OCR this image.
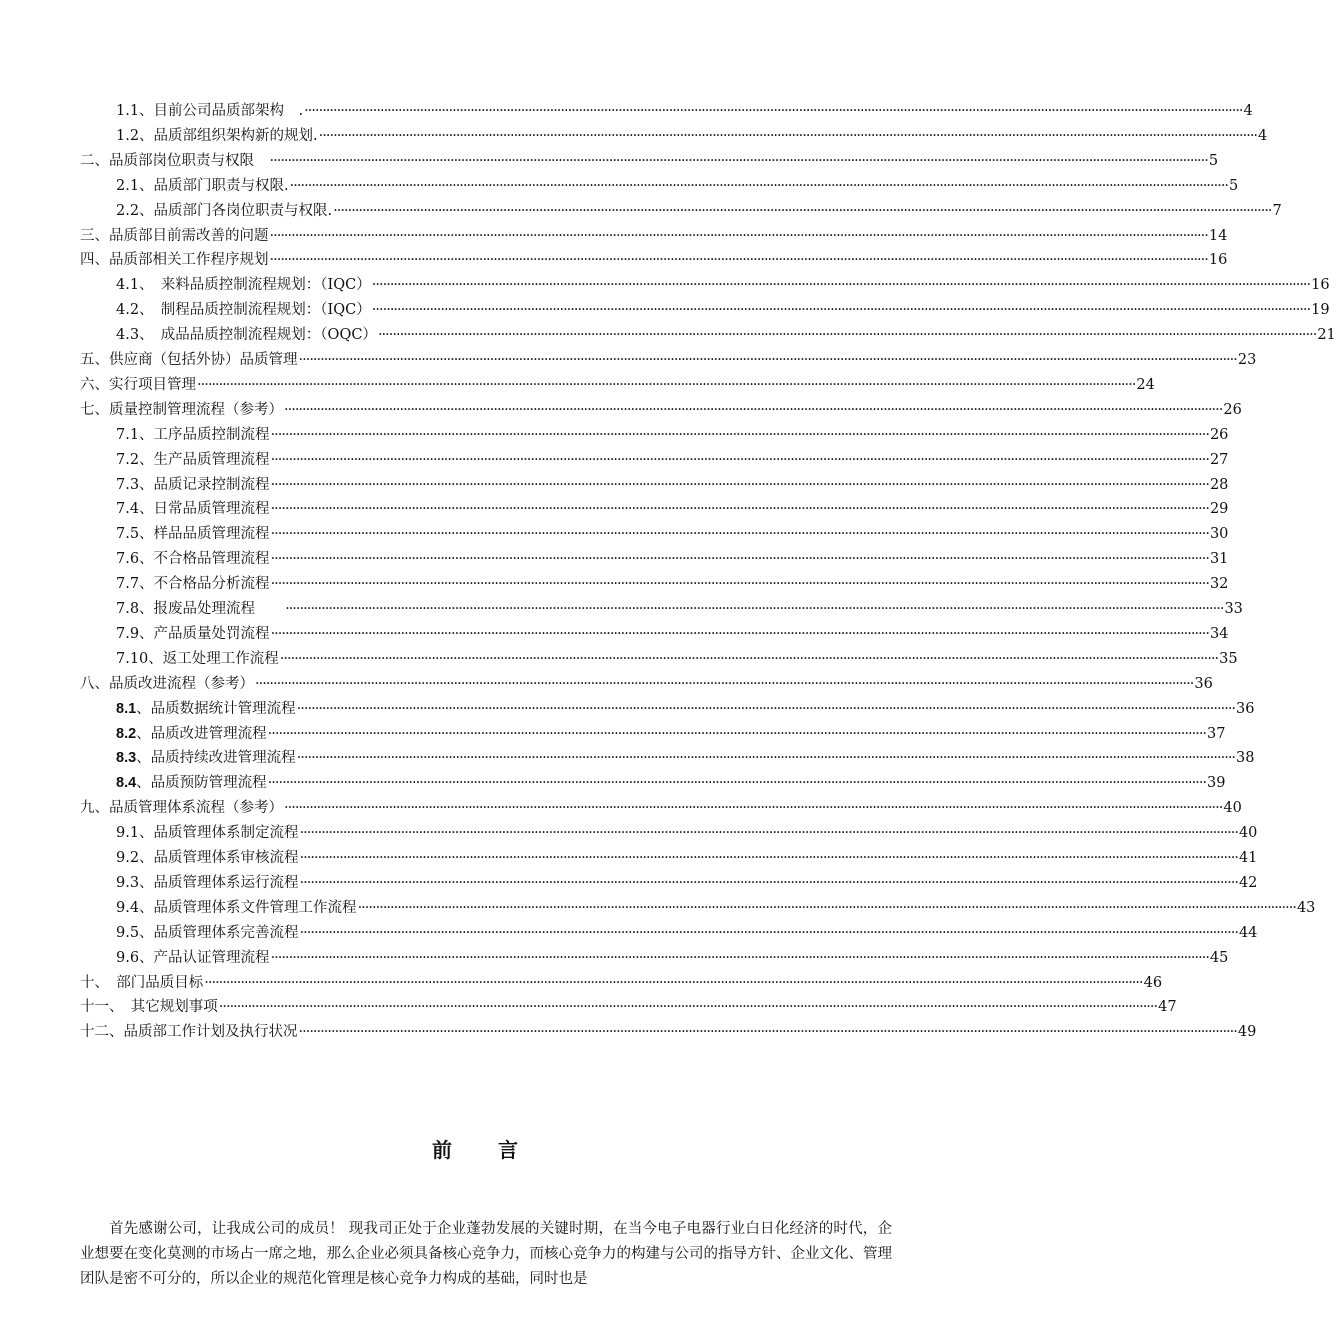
1.1、目前公司品质部架构　. ···································································································································································································································································· 4
1.2、品质部组织架构新的规划. ···································································································································································································································································· 4
二、品质部岗位职责与权限　 ···································································································································································································································································· 5
2.1、品质部门职责与权限. ···································································································································································································································································· 5
2.2、品质部门各岗位职责与权限. ···································································································································································································································································· 7
三、品质部目前需改善的问题 ···································································································································································································································································· 14
四、品质部相关工作程序规划 ···································································································································································································································································· 16
4.1、　来料品质控制流程规划：（IQC） ···································································································································································································································································· 16
4.2、　制程品质控制流程规划：（IQC） ···································································································································································································································································· 19
4.3、　成品品质控制流程规划：（OQC） ···································································································································································································································································· 21
五、供应商（包括外协）品质管理 ···································································································································································································································································· 23
六、实行项目管理 ···································································································································································································································································· 24
七、质量控制管理流程（参考） ···································································································································································································································································· 26
7.1、工序品质控制流程 ···································································································································································································································································· 26
7.2、生产品质管理流程 ···································································································································································································································································· 27
7.3、品质记录控制流程 ···································································································································································································································································· 28
7.4、日常品质管理流程 ···································································································································································································································································· 29
7.5、样品品质管理流程 ···································································································································································································································································· 30
7.6、不合格品管理流程 ···································································································································································································································································· 31
7.7、不合格品分析流程 ···································································································································································································································································· 32
7.8、报废品处理流程　　 ···································································································································································································································································· 33
7.9、产品质量处罚流程 ···································································································································································································································································· 34
7.10、返工处理工作流程 ···································································································································································································································································· 35
八、品质改进流程（参考） ···································································································································································································································································· 36
8.1、品质数据统计管理流程 ···································································································································································································································································· 36
8.2、品质改进管理流程 ···································································································································································································································································· 37
8.3、品质持续改进管理流程 ···································································································································································································································································· 38
8.4、品质预防管理流程 ···································································································································································································································································· 39
九、品质管理体系流程（参考） ···································································································································································································································································· 40
9.1、品质管理体系制定流程 ···································································································································································································································································· 40
9.2、品质管理体系审核流程 ···································································································································································································································································· 41
9.3、品质管理体系运行流程 ···································································································································································································································································· 42
9.4、品质管理体系文件管理工作流程 ···································································································································································································································································· 43
9.5、品质管理体系完善流程 ···································································································································································································································································· 44
9.6、产品认证管理流程 ···································································································································································································································································· 45
十、　部门品质目标 ···································································································································································································································································· 46
十一、　其它规划事项 ···································································································································································································································································· 47
十二、品质部工作计划及执行状况 ···································································································································································································································································· 49
前言

首先感谢公司，让我成公司的成员！ 现我司正处于企业蓬勃发展的关键时期，在当今电子电器行业白日化经济的时代，企业想要在变化莫测的市场占一席之地，那么企业必须具备核心竞争力，而核心竞争力的构建与公司的指导方针、企业文化、管理团队是密不可分的，所以企业的规范化管理是核心竞争力构成的基础，同时也是
